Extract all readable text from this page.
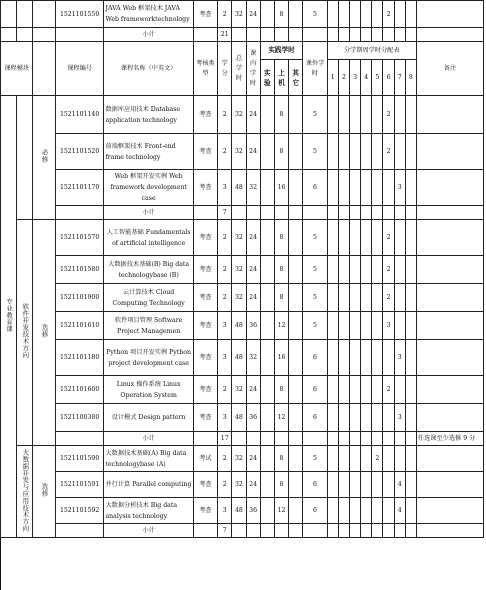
			1521101550	JAVA Web 框架技术 JAVA Web frameworktechnology	考查	2	32	24		8		5						2			
				小计		21															
课程模块			课程编号	课程名称（中英文）	考核类型	学分	总学时	课内学时	实践学时			课外学时	分学期周学时分配表								备注
									实验	上机	其它		1	2	3	4	5	6	7	8	
专业教育课		必修	1521101140	数据库应用技术 Database application technology	考查	2	32	24		8		5						2			
			1521101520	前端框架技术 Front-end frame technology	考查	2	32	24		8		5						2			
			1521101170	Web 框架开发实例 Web framework development case	考查	3	48	32		16		6							3		
				小计		7															
	软件开发技术方向	选修	1521101570	人工智能基础 Fundamentals of artificial intelligence	考查	2	32	24		8		5						2			
			1521101580	大数据技术基础(B) Big data technologybase (B)	考查	2	32	24		8		5						2			
			1521101900	云计算技术 Cloud Computing Technology	考查	2	32	24		8		5						2			
			1521101610	软件项目管理 Software Project Managemen	考查	3	48	36		12		5						3			
			1521101180	Python 项目开发实例 Python project development case	考查	3	48	32		16		6							3		
			1521101600	Linux 操作系统 Linux Operation System	考查	2	32	24		8		6						2			
			1521100380	设计模式 Design pattern	考查	3	48	36		12		6							3		
				小计		17															任选课至少选修 9 分
	大数据开发与应用技术方向	选修	1521101590	大数据技术基础(A) Big data technologybase (A)	考试	2	32	24		8		5					2				
			1521101591	并行计算 Parallel computing	考查	2	32	24		8		6							4		
			1521101592	大数据分析技术 Big data analysis technology	考查	3	48	36		12		6							4		
				小计		7															
